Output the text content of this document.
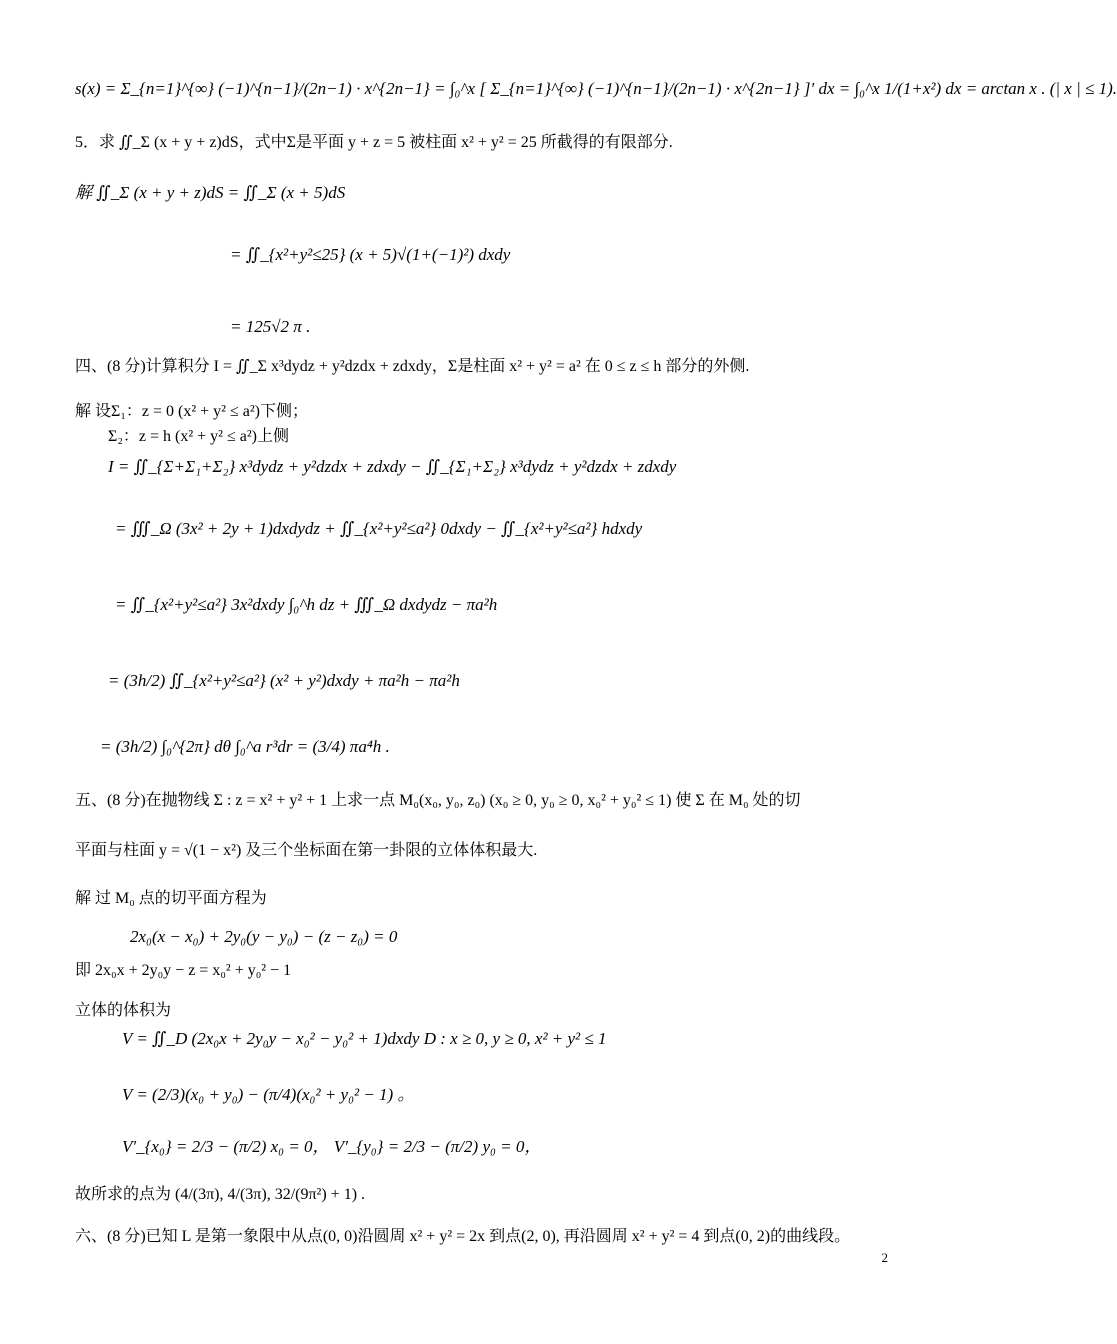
s(x) = Σ_{n=1}^{∞} (−1)^{n−1}/(2n−1) · x^{2n−1} = ∫₀^x [ Σ_{n=1}^{∞} (−1)^{n−1}/(2n−1) · x^{2n−1} ]′ dx = ∫₀^x 1/(1+x²) dx = arctan x . (| x | ≤ 1).
5．求 ∬_Σ (x + y + z)dS，式中Σ是平面 y + z = 5 被柱面 x² + y² = 25 所截得的有限部分.
解 ∬_Σ (x + y + z)dS = ∬_Σ (x + 5)dS
= ∬_{x²+y²≤25} (x + 5)√(1+(−1)²) dxdy
= 125√2 π .
四、(8 分)计算积分 I = ∬_Σ x³dydz + y²dzdx + zdxdy，Σ是柱面 x² + y² = a² 在 0 ≤ z ≤ h 部分的外侧.
解 设Σ₁：z = 0 (x² + y² ≤ a²)下侧；
Σ₂：z = h (x² + y² ≤ a²)上侧
I = ∬_{Σ+Σ₁+Σ₂} x³dydz + y²dzdx + zdxdy − ∬_{Σ₁+Σ₂} x³dydz + y²dzdx + zdxdy
= ∭_Ω (3x² + 2y + 1)dxdydz + ∬_{x²+y²≤a²} 0dxdy − ∬_{x²+y²≤a²} hdxdy
= ∬_{x²+y²≤a²} 3x²dxdy ∫₀^h dz + ∭_Ω dxdydz − πa²h
= (3h/2) ∬_{x²+y²≤a²} (x² + y²)dxdy + πa²h − πa²h
= (3h/2) ∫₀^{2π} dθ ∫₀^a r³dr = (3/4) πa⁴h .
五、(8 分)在抛物线 Σ : z = x² + y² + 1 上求一点 M₀(x₀, y₀, z₀) (x₀ ≥ 0, y₀ ≥ 0, x₀² + y₀² ≤ 1) 使 Σ 在 M₀ 处的切
平面与柱面 y = √(1 − x²) 及三个坐标面在第一卦限的立体体积最大.
解 过 M₀ 点的切平面方程为
2x₀(x − x₀) + 2y₀(y − y₀) − (z − z₀) = 0
即 2x₀x + 2y₀y − z = x₀² + y₀² − 1
立体的体积为
V = ∬_D (2x₀x + 2y₀y − x₀² − y₀² + 1)dxdy D : x ≥ 0, y ≥ 0, x² + y² ≤ 1
V = (2/3)(x₀ + y₀) − (π/4)(x₀² + y₀² − 1) 。
V′_{x₀} = 2/3 − (π/2) x₀ = 0， V′_{y₀} = 2/3 − (π/2) y₀ = 0，
故所求的点为 (4/(3π), 4/(3π), 32/(9π²) + 1) .
六、(8 分)已知 L 是第一象限中从点(0, 0)沿圆周 x² + y² = 2x 到点(2, 0), 再沿圆周 x² + y² = 4 到点(0, 2)的曲线段。
2
